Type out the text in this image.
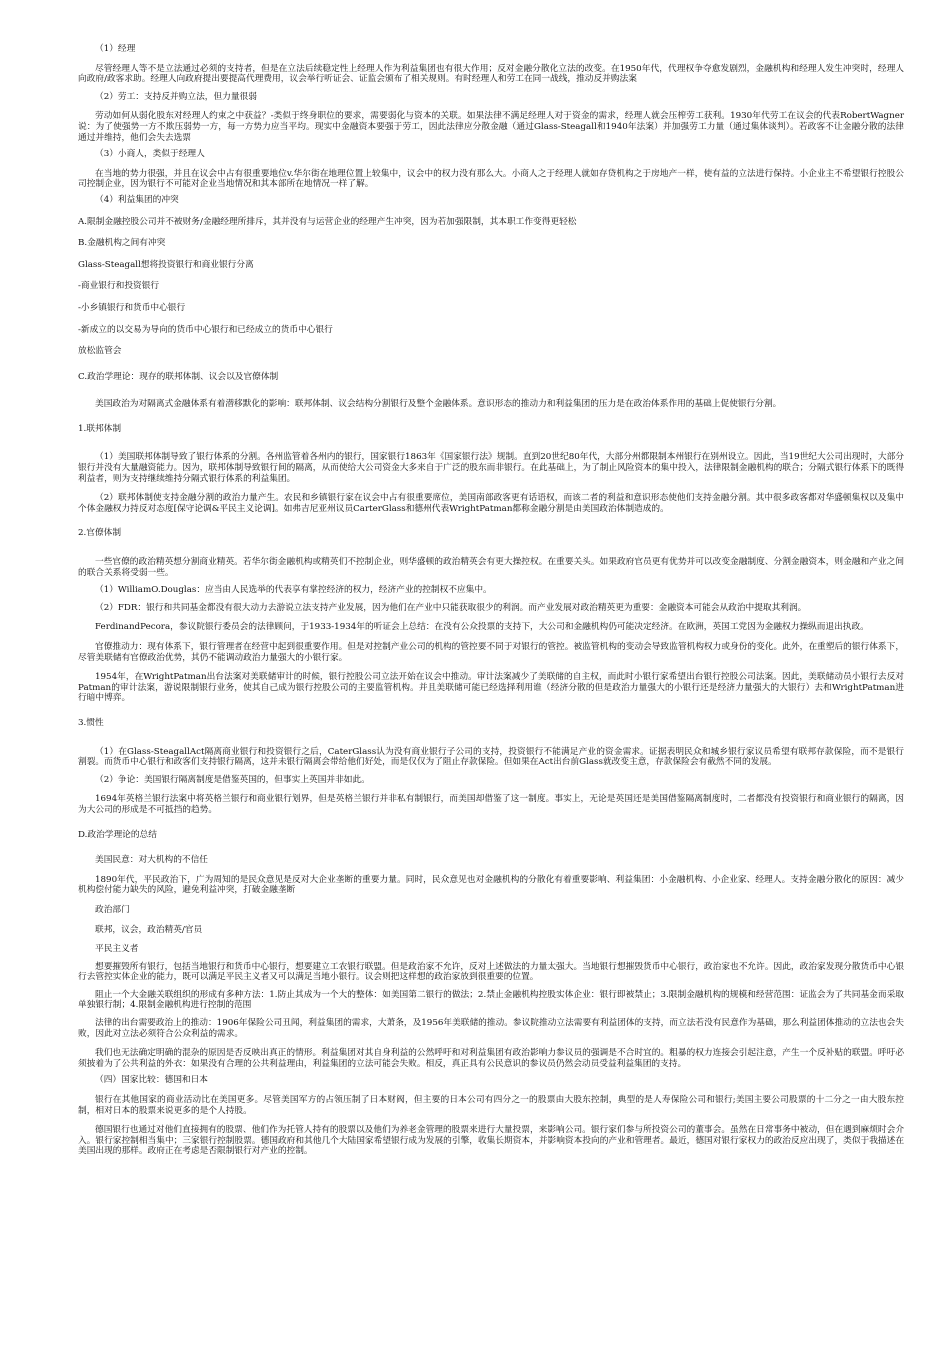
（1）经理

尽管经理人等不是立法通过必须的支持者，但是在立法后续稳定性上经理人作为利益集团也有很大作用；反对金融分散化立法的改变。在1950年代，代理权争夺愈发剧烈，金融机构和经理人发生冲突时，经理人向政府/政客求助。经理人向政府提出要提高代理费用，议会举行听证会、证监会颁布了相关规则。有时经理人和劳工在同一战线，推动反并购法案

（2）劳工：支持反并购立法，但力量很弱

劳动如何从弱化股东对经理人约束之中获益？-类似于终身职位的要求，需要弱化与资本的关联。如果法律不满足经理人对于资金的需求，经理人就会压榨劳工获利。1930年代劳工在议会的代表RobertWagner说：为了使强势一方不欺压弱势一方，每一方势力应当平均。现实中金融资本要强于劳工，因此法律应分散金融（通过Glass-Steagall和1940年法案）并加强劳工力量（通过集体谈判）。若政客不让金融分散的法律通过并维持，他们会失去选票

（3）小商人，类似于经理人

在当地的势力很强，并且在议会中占有很重要地位v.华尔街在地理位置上较集中，议会中的权力没有那么大。小商人之于经理人就如存贷机构之于房地产一样，使有益的立法进行保持。小企业主不希望银行控股公司控制企业，因为银行不可能对企业当地情况和其本部所在地情况一样了解。

（4）利益集团的冲突

A.限制金融控股公司并不被财务/金融经理所排斥，其并没有与运营企业的经理产生冲突，因为若加强限制，其本职工作变得更轻松

B.金融机构之间有冲突

Glass-Steagall想将投资银行和商业银行分离

-商业银行和投资银行

-小乡镇银行和货币中心银行

-新成立的以交易为导向的货币中心银行和已经成立的货币中心银行

放松监管会

C.政治学理论：现存的联邦体制、议会以及官僚体制

美国政治为对隔离式金融体系有着潜移默化的影响：联邦体制、议会结构分割银行及整个金融体系。意识形态的推动力和利益集团的压力是在政治体系作用的基础上促使银行分割。

1.联邦体制

（1）美国联邦体制导致了银行体系的分割。各州监管着各州内的银行，国家银行1863年《国家银行法》规制。直到20世纪80年代，大部分州都限制本州银行在别州设立。因此，当19世纪大公司出现时，大部分银行并没有大量融资能力。因为，联邦体制导致银行间的隔离，从而使给大公司资金大多来自于广泛的股东而非银行。在此基础上，为了制止风险资本的集中投入，法律限制金融机构的联合；分隔式银行体系下的既得利益者，则为支持继续维持分隔式银行体系的利益集团。

（2）联邦体制使支持金融分割的政治力量产生。农民和乡镇银行家在议会中占有很重要席位，美国南部政客更有话语权，而该二者的利益和意识形态使他们支持金融分割。其中很多政客都对华盛顿集权以及集中个体金融权力持反对态度[保守论调&平民主义论调]。如弗吉尼亚州议员CarterGlass和德州代表WrightPatman都称金融分割是由美国政治体制造成的。

2.官僚体制

一些官僚的政治精英想分割商业精英。若华尔街金融机构或精英们不控制企业，则华盛顿的政治精英会有更大操控权。在重要关头。如果政府官员更有优势并可以改变金融制度、分割金融资本，则金融和产业之间的联合关系将受弱一些。

（1）WilliamO.Douglas：应当由人民选举的代表享有掌控经济的权力，经济产业的控制权不应集中。

（2）FDR：银行和共同基金都没有很大动力去游说立法支持产业发展，因为他们在产业中只能获取很少的利润。而产业发展对政治精英更为重要：金融资本可能会从政治中提取其利润。

FerdinandPecora，参议院银行委员会的法律顾问，于1933-1934年的听证会上总结：在没有公众投票的支持下，大公司和金融机构仍可能决定经济。在欧洲，英国工党因为金融权力操纵而退出执政。

官僚推动力：现有体系下，银行管理者在经营中起到很重要作用。但是对控制产业公司的机构的管控要不同于对银行的管控。被监管机构的变动会导致监管机构权力或身份的变化。此外，在重塑后的银行体系下，尽管美联储有官僚政治优势，其仍不能调动政治力量强大的小银行家。

1954年，在WrightPatman出台法案对美联储审计的时候，银行控股公司立法开始在议会中推动。审计法案减少了美联储的自主权，而此时小银行家希望出台银行控股公司法案。因此，美联储动员小银行去反对Patman的审计法案，游说限制银行业务，使其自己成为银行控股公司的主要监管机构。并且美联储可能已经选择利用谁（经济分散的但是政治力量强大的小银行还是经济力量强大的大银行）去和WrightPatman进行暗中博弈。

3.惯性

（1）在Glass-SteagallAct隔离商业银行和投资银行之后，CaterGlass认为没有商业银行子公司的支持，投资银行不能满足产业的资金需求。证据表明民众和城乡银行家议员希望有联邦存款保险，而不是银行割裂。而货币中心银行和政客们支持银行隔离，这并未银行隔离会带给他们好处，而是仅仅为了阻止存款保险。但如果在Act出台前Glass就改变主意，存款保险会有截然不同的发展。

（2）争论：美国银行隔离制度是借鉴英国的，但事实上英国并非如此。

1694年英格兰银行法案中将英格兰银行和商业银行划界，但是英格兰银行并非私有制银行，而美国却借鉴了这一制度。事实上，无论是英国还是美国借鉴隔离制度时，二者都没有投资银行和商业银行的隔离，因为大公司的形成是不可抵挡的趋势。

D.政治学理论的总结

美国民意：对大机构的不信任

1890年代，平民政治下，广为周知的是民众意见是反对大企业垄断的重要力量。同时，民众意见也对金融机构的分散化有着重要影响、利益集团：小金融机构、小企业家、经理人。支持金融分散化的原因：减少机构偿付能力缺失的风险，避免利益冲突，打破金融垄断

政治部门

联邦，议会，政治精英/官员

平民主义者

想要摧毁所有银行，包括当地银行和货币中心银行，想要建立工农银行联盟。但是政治家不允许，反对上述做法的力量太强大。当地银行想摧毁货币中心银行，政治家也不允许。因此，政治家发现分散货币中心银行去管控实体企业的能力，既可以满足平民主义者又可以满足当地小银行。议会则把这样想的政治家放到很重要的位置。

阻止一个大金融关联组织的形成有多种方法：1.防止其成为一个大的整体：如美国第二银行的做法；2.禁止金融机构控股实体企业：银行即被禁止；3.限制金融机构的规模和经营范围：证监会为了共同基金而采取单独银行制；4.限制金融机构进行控制的范围

法律的出台需要政治上的推动：1906年保险公司丑闻，利益集团的需求，大萧条，及1956年美联储的推动。参议院推动立法需要有利益团体的支持，而立法若没有民意作为基础，那么利益团体推动的立法也会失败，因此对立法必须符合公众利益的需求。

我们也无法确定明确的混杂的原因是否反映出真正的情形。利益集团对其自身利益的公然呼吁和对利益集团有政治影响力参议员的强调是不合时宜的。粗暴的权力连接会引起注意，产生一个反补贴的联盟。呼吁必须披着为了公共利益的外衣：如果没有合理的公共利益理由，利益集团的立法可能会失败。相反，真正具有公民意识的参议员仍然会动员受益利益集团的支持。

（四）国家比较：德国和日本

银行在其他国家的商业活动比在美国更多。尽管美国军方的占领压制了日本财阀，但主要的日本公司有四分之一的股票由大股东控制，典型的是人寿保险公司和银行;美国主要公司股票的十二分之一由大股东控制，相对日本的股票来说更多的是个人持股。

德国银行也通过对他们直接拥有的股票、他们作为托管人持有的股票以及他们为养老金管理的股票来进行大量投票，来影响公司。银行家们参与所投资公司的董事会。虽然在日常事务中被动，但在遇到麻烦时会介入。银行家控制相当集中；三家银行控制股票。德国政府和其他几个大陆国家希望银行成为发展的引擎，收集长期资本，并影响资本投向的产业和管理者。最近，德国对银行家权力的政治反应出现了，类似于我描述在美国出现的那样。政府正在考虑是否限制银行对产业的控制。
